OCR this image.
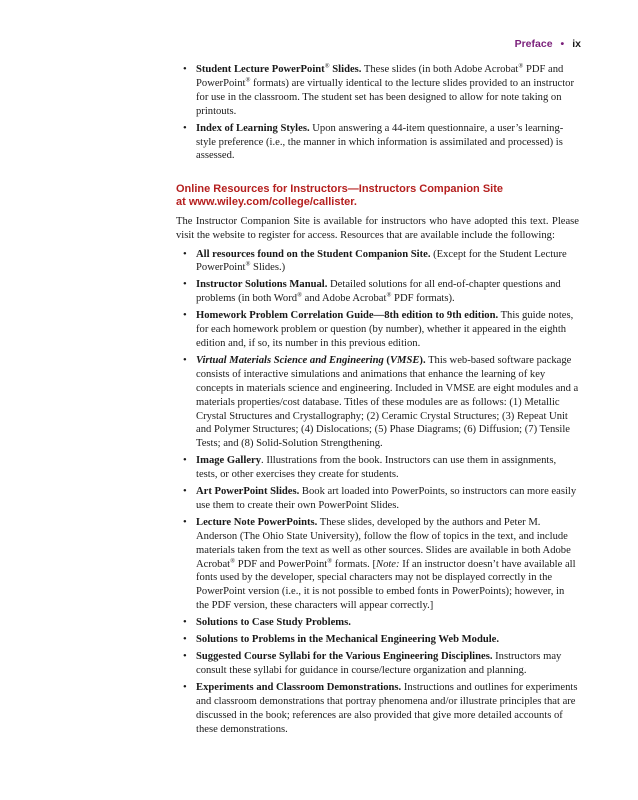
Preface • ix
• Student Lecture PowerPoint® Slides. These slides (in both Adobe Acrobat® PDF and PowerPoint® formats) are virtually identical to the lecture slides provided to an instructor for use in the classroom. The student set has been designed to allow for note taking on printouts.
• Index of Learning Styles. Upon answering a 44-item questionnaire, a user’s learning-style preference (i.e., the manner in which information is assimilated and processed) is assessed.
Online Resources for Instructors—Instructors Companion Site
at www.wiley.com/college/callister.

The Instructor Companion Site is available for instructors who have adopted this text. Please visit the website to register for access. Resources that are available include the following:

• All resources found on the Student Companion Site. (Except for the Student Lecture PowerPoint® Slides.)
• Instructor Solutions Manual. Detailed solutions for all end-of-chapter questions and problems (in both Word® and Adobe Acrobat® PDF formats).
• Homework Problem Correlation Guide—8th edition to 9th edition. This guide notes, for each homework problem or question (by number), whether it appeared in the eighth edition and, if so, its number in this previous edition.
• Virtual Materials Science and Engineering (VMSE). This web-based software package consists of interactive simulations and animations that enhance the learning of key concepts in materials science and engineering. Included in VMSE are eight modules and a materials properties/cost database. Titles of these modules are as follows: (1) Metallic Crystal Structures and Crystallography; (2) Ceramic Crystal Structures; (3) Repeat Unit and Polymer Structures; (4) Dislocations; (5) Phase Diagrams; (6) Diffusion; (7) Tensile Tests; and (8) Solid-Solution Strengthening.
• Image Gallery. Illustrations from the book. Instructors can use them in assignments, tests, or other exercises they create for students.
• Art PowerPoint Slides. Book art loaded into PowerPoints, so instructors can more easily use them to create their own PowerPoint Slides.
• Lecture Note PowerPoints. These slides, developed by the authors and Peter M. Anderson (The Ohio State University), follow the flow of topics in the text, and include materials taken from the text as well as other sources. Slides are available in both Adobe Acrobat® PDF and PowerPoint® formats. [Note: If an instructor doesn’t have available all fonts used by the developer, special characters may not be displayed correctly in the PowerPoint version (i.e., it is not possible to embed fonts in PowerPoints); however, in the PDF version, these characters will appear correctly.]
• Solutions to Case Study Problems.
• Solutions to Problems in the Mechanical Engineering Web Module.
• Suggested Course Syllabi for the Various Engineering Disciplines. Instructors may consult these syllabi for guidance in course/lecture organization and planning.
• Experiments and Classroom Demonstrations. Instructions and outlines for experiments and classroom demonstrations that portray phenomena and/or illustrate principles that are discussed in the book; references are also provided that give more detailed accounts of these demonstrations.
